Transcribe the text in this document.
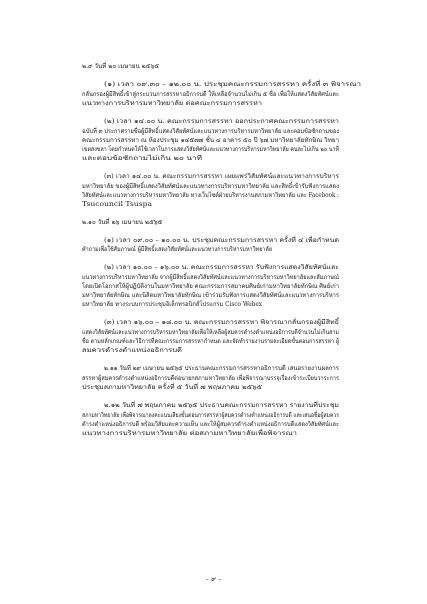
๒.๙ วันที่ ๒๐ เมษายน ๒๕๖๕
(๑) เวลา ๐๙.๓๐ – ๑๒.๐๐ น. ประชุมคณะกรรมการสรรหา ครั้งที่ ๓ พิจารณา
กลั่นกรองผู้มีสิทธิ์เข้าสู่กระบวนการสรรหาอธิการบดี ให้เหลือจำนวนไม่เกิน ๕ ชื่อ เพื่อให้แสดงวิสัยทัศน์และ
แนวทางการบริหารมหาวิทยาลัย ต่อคณะกรรมการสรรหา
(๒) เวลา ๑๔.๐๐ น. คณะกรรมการสรรหา ออกประกาศคณะกรรมการสรรหา
ฉบับที่ ๓ ประกาศรายชื่อผู้มีสิทธิ์แสดงวิสัยทัศน์และแนวทางการบริหารมหาวิทยาลัย และตอบข้อซักถามของ
คณะกรรมการสรรหา ณ ห้องประชุม ๑๔๕๗๗ ชั้น ๔ อาคาร ๕๐ ปี ๖๗ มหาวิทยาลัยทักษิณ วิทยา
เขตสงขลา โดยกำหนดให้ใช้เวลาในการแสดงวิสัยทัศน์และแนวทางการบริหารมหาวิทยาลัย คนละไม่เกิน ๒๐ นาที
และตอบข้อซักถามไม่เกิน ๒๐ นาที
(๓) เวลา ๑๔.๐๐ น. คณะกรรมการสรรหา เผยแพร่วิสัยทัศน์และแนวทางการบริหาร
มหาวิทยาลัย ของผู้มีสิทธิ์แสดงวิสัยทัศน์และแนวทางการบริหารมหาวิทยาลัย และสิทธิ์เข้ารับฟังการแสดง
วิสัยทัศน์และแนวทางการบริหารมหาวิทยาลัย ทางเว็บไซต์ฝ่ายบริหารงานสภามหาวิทยาลัย และ Facebook :
Tsucouncil Tsuspa
๒.๑๐ วันที่ ๒๖ เมษายน ๒๕๖๕
(๑) เวลา ๐๙.๐๐ – ๑๐.๐๐ น. ประชุมคณะกรรมการสรรหา ครั้งที่ ๔ เพื่อกำหนด
คำถามเพื่อใช้สัมภาษณ์ ผู้มีสิทธิ์แสดงวิสัยทัศน์และแนวทางการบริหารมหาวิทยาลัย
(๒) เวลา ๑๐.๐๐ – ๑๖.๐๐ น. คณะกรรมการสรรหา รับฟังการแสดงวิสัยทัศน์และ
แนวทางการบริหารมหาวิทยาลัย จากผู้มีสิทธิ์แสดงวิสัยทัศน์และแนวทางการบริหารมหาวิทยาลัยและสัมภาษณ์
โดยเปิดโอกาสให้ผู้ปฏิบัติงานในมหาวิทยาลัย คณะกรรมการสมาคมศิษย์เก่ามหาวิทยาลัยทักษิณ ศิษย์เก่า
มหาวิทยาลัยทักษิณ และนิสิตมหาวิทยาลัยทักษิณ เข้าร่วมรับฟังการแสดงวิสัยทัศน์และแนวทางการบริหาร
มหาวิทยาลัย ทางระบบการประชุมอิเล็กทรอนิกส์โปรแกรม Cisco Webex
(๓) เวลา ๑๖.๐๐ – ๑๘.๐๐ น. คณะกรรมการสรรหา พิจารณากลั่นกรองผู้มีสิทธิ์
แสดงวิสัยทัศน์และแนวทางการบริหารมหาวิทยาลัยเพื่อให้เหลือผู้สมควรดำรงตำแหน่งอธิการบดีจำนวนไม่เกินสาม
ชื่อ ตามหลักเกณฑ์และวิธีการที่คณะกรรมการสรรหากำหนด และจัดทำรายงานรายละเอียดขั้นตอนการสรรหา ผู้
สมควรดำรงตำแหน่งอธิการบดี
๒.๑๑ วันที่ ๒๙ เมษายน ๒๕๖๕ ประธานคณะกรรมการสรรหาอธิการบดี เสนอรายงานผลการ
สรรหาผู้สมควรดำรงตำแหน่งอธิการบดีต่อนายกสภามหาวิทยาลัย เพื่อพิจารณาบรรจุเรื่องเข้าระเบียบวาระการ
ประชุมสภามหาวิทยาลัย ครั้งที่ ๕ วันที่ ๗ พฤษภาคม ๒๕๖๕
๒.๑๒ วันที่ ๗ พฤษภาคม ๒๕๖๕ ประธานคณะกรรมการสรรหา รายงานที่ประชุม
สภามหาวิทยาลัย เพื่อพิจารณาลงคะแนนเสียงขั้นตอนการสรรหาผู้สมควรดำรงตำแหน่งอธิการบดี และเสนอชื่อผู้สมควร
ดำรงตำแหน่งอธิการบดี พร้อมวิสัยและความเห็น และให้ผู้สมควรดำรงตำแหน่งอธิการบดีแสดงวิสัยทัศน์และ
แนวทางการบริหารมหาวิทยาลัย ต่อสภามหาวิทยาลัยเพื่อพิจารณา
– ๙ –
